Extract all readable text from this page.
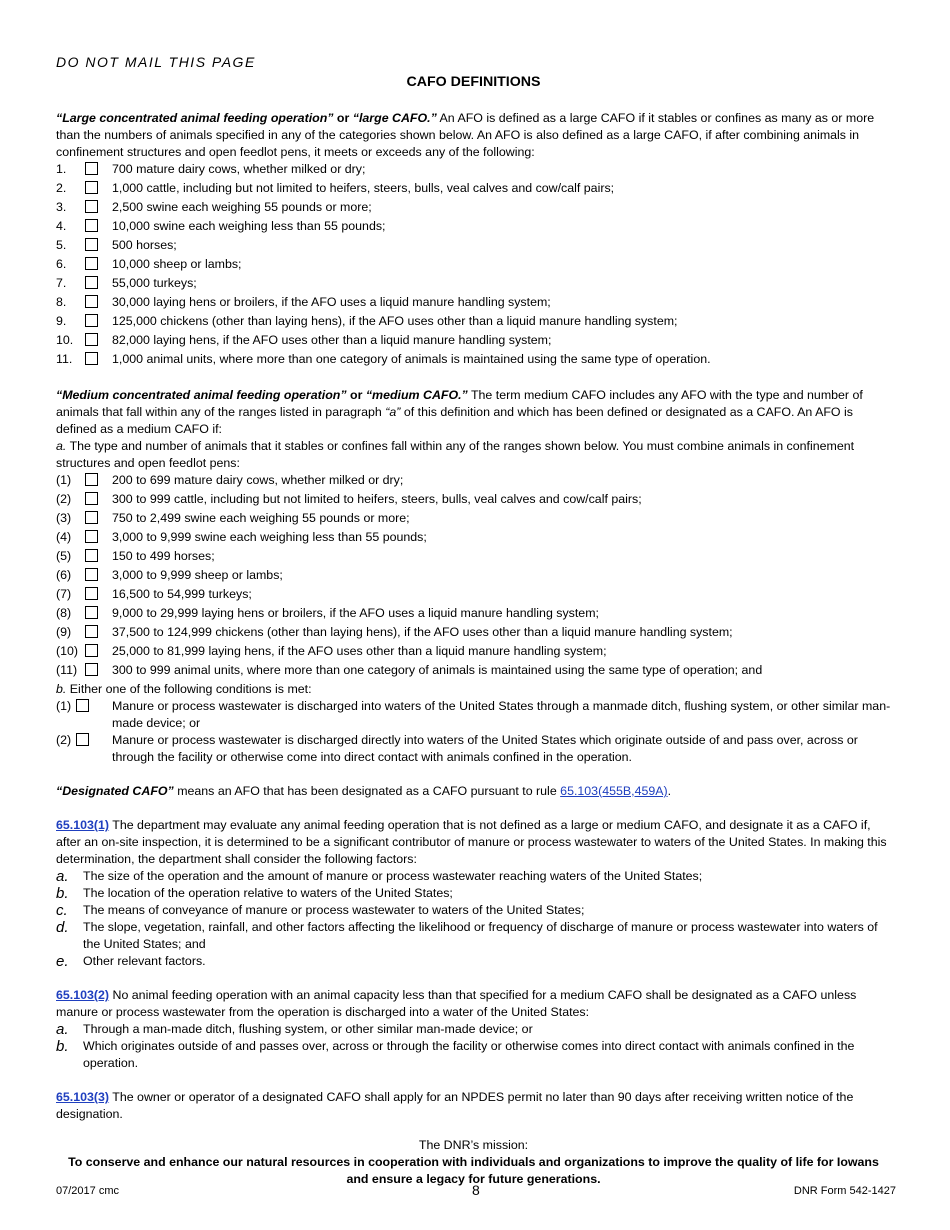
DO NOT MAIL THIS PAGE

CAFO DEFINITIONS

“Large concentrated animal feeding operation” or “large CAFO.” An AFO is defined as a large CAFO if it stables or confines as many as or more than the numbers of animals specified in any of the categories shown below. An AFO is also defined as a large CAFO, if after combining animals in confinement structures and open feedlot pens, it meets or exceeds any of the following:

1.	700 mature dairy cows, whether milked or dry;
2.	1,000 cattle, including but not limited to heifers, steers, bulls, veal calves and cow/calf pairs;
3.	2,500 swine each weighing 55 pounds or more;
4.	10,000 swine each weighing less than 55 pounds;
5.	500 horses;
6.	10,000 sheep or lambs;
7.	55,000 turkeys;
8.	30,000 laying hens or broilers, if the AFO uses a liquid manure handling system;
9.	125,000 chickens (other than laying hens), if the AFO uses other than a liquid manure handling system;
10.	82,000 laying hens, if the AFO uses other than a liquid manure handling system;
11.	1,000 animal units, where more than one category of animals is maintained using the same type of operation.

“Medium concentrated animal feeding operation” or “medium CAFO.” The term medium CAFO includes any AFO with the type and number of animals that fall within any of the ranges listed in paragraph “a” of this definition and which has been defined or designated as a CAFO. An AFO is defined as a medium CAFO if:

a. The type and number of animals that it stables or confines fall within any of the ranges shown below. You must combine animals in confinement structures and open feedlot pens:

(1)	200 to 699 mature dairy cows, whether milked or dry;
(2)	300 to 999 cattle, including but not limited to heifers, steers, bulls, veal calves and cow/calf pairs;
(3)	750 to 2,499 swine each weighing 55 pounds or more;
(4)	3,000 to 9,999 swine each weighing less than 55 pounds;
(5)	150 to 499 horses;
(6)	3,000 to 9,999 sheep or lambs;
(7)	16,500 to 54,999 turkeys;
(8)	9,000 to 29,999 laying hens or broilers, if the AFO uses a liquid manure handling system;
(9)	37,500 to 124,999 chickens (other than laying hens), if the AFO uses other than a liquid manure handling system;
(10)	25,000 to 81,999 laying hens, if the AFO uses other than a liquid manure handling system;
(11)	300 to 999 animal units, where more than one category of animals is maintained using the same type of operation; and

b. Either one of the following conditions is met:

(1)	Manure or process wastewater is discharged into waters of the United States through a manmade ditch, flushing system, or other similar man-made device; or
(2)	Manure or process wastewater is discharged directly into waters of the United States which originate outside of and pass over, across or through the facility or otherwise come into direct contact with animals confined in the operation.

“Designated CAFO” means an AFO that has been designated as a CAFO pursuant to rule 65.103(455B,459A).

65.103(1) The department may evaluate any animal feeding operation that is not defined as a large or medium CAFO, and designate it as a CAFO if, after an on-site inspection, it is determined to be a significant contributor of manure or process wastewater to waters of the United States. In making this determination, the department shall consider the following factors:

a.	The size of the operation and the amount of manure or process wastewater reaching waters of the United States;
b.	The location of the operation relative to waters of the United States;
c.	The means of conveyance of manure or process wastewater to waters of the United States;
d.	The slope, vegetation, rainfall, and other factors affecting the likelihood or frequency of discharge of manure or process wastewater into waters of the United States; and
e.	Other relevant factors.

65.103(2) No animal feeding operation with an animal capacity less than that specified for a medium CAFO shall be designated as a CAFO unless manure or process wastewater from the operation is discharged into a water of the United States:

a.	Through a man-made ditch, flushing system, or other similar man-made device; or
b.	Which originates outside of and passes over, across or through the facility or otherwise comes into direct contact with animals confined in the operation.

65.103(3) The owner or operator of a designated CAFO shall apply for an NPDES permit no later than 90 days after receiving written notice of the designation.

The DNR’s mission:
To conserve and enhance our natural resources in cooperation with individuals and organizations to improve the quality of life for Iowans and ensure a legacy for future generations.
07/2017 cmc	8	DNR Form 542-1427
